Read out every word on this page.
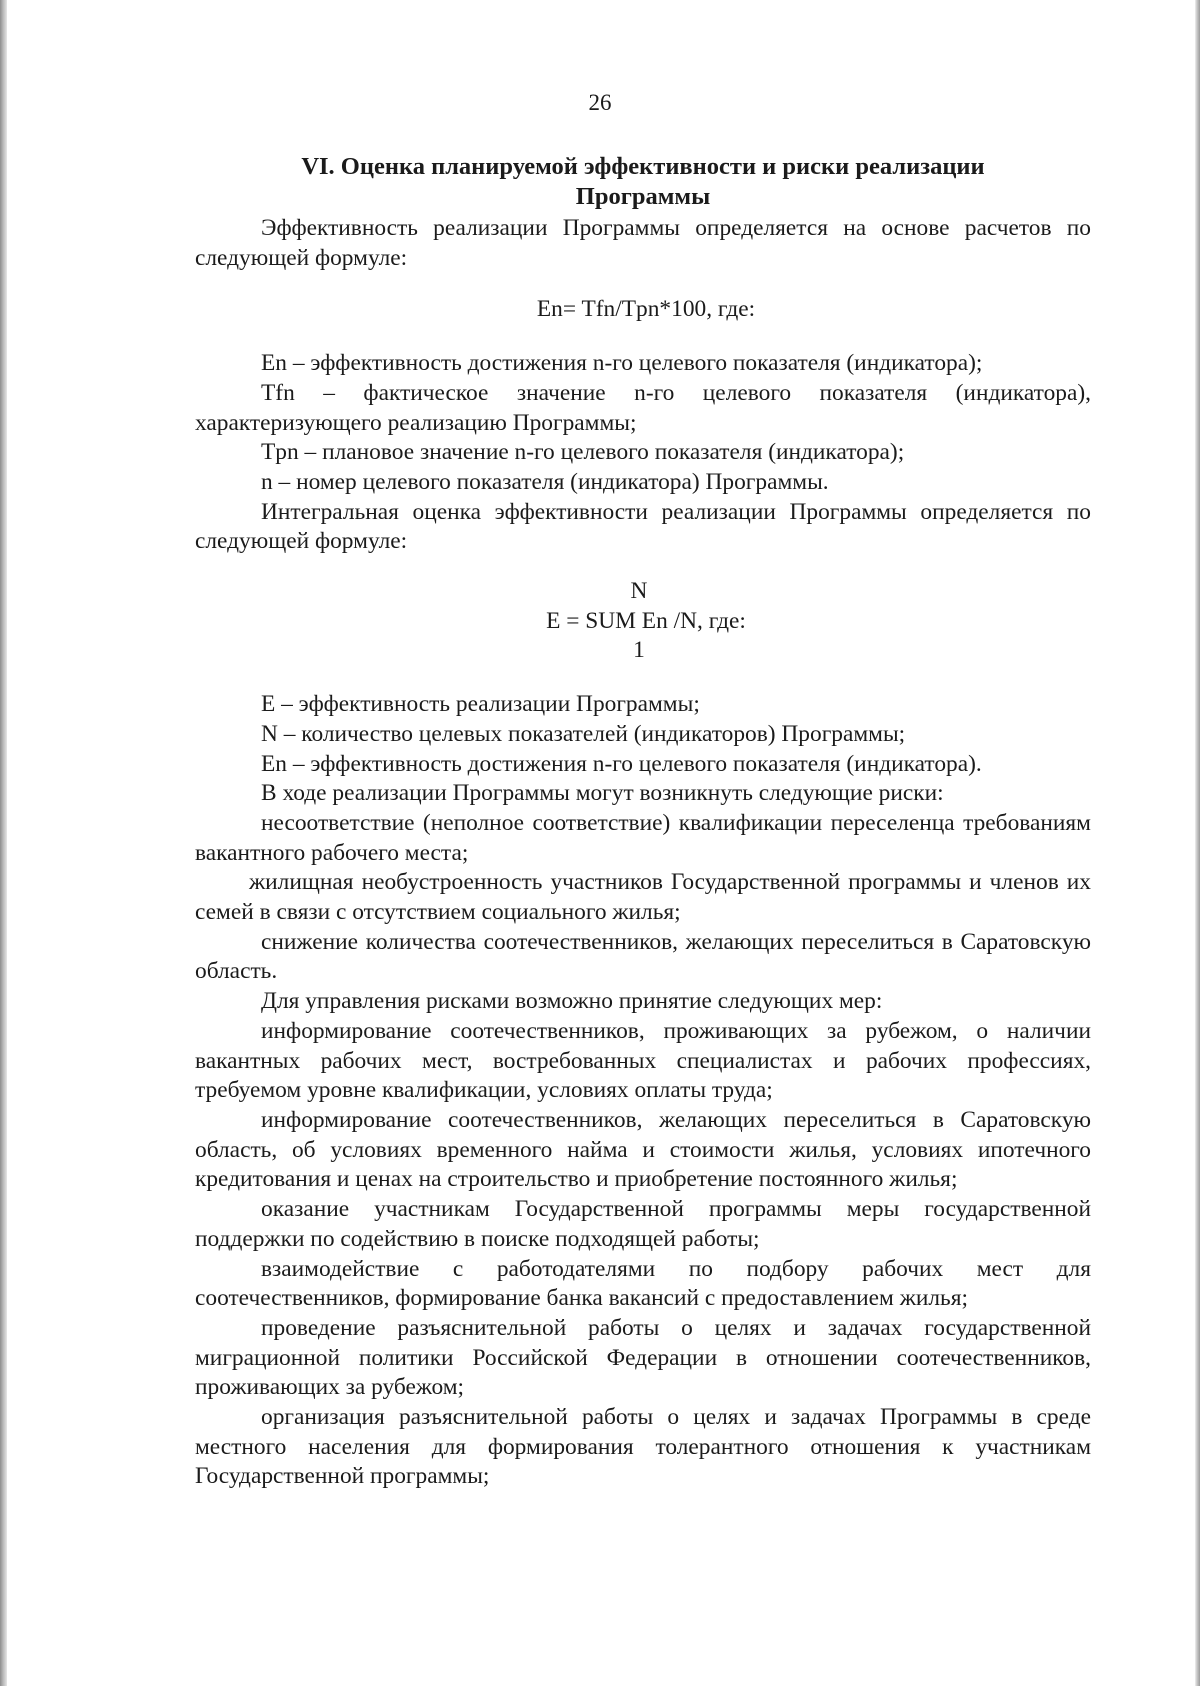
26
VI. Оценка планируемой эффективности и риски реализации
Программы

Эффективность реализации Программы определяется на основе расчетов по следующей формуле:

En= Tfn/Tpn*100, где:

En – эффективность достижения n-го целевого показателя (индикатора);

Tfn – фактическое значение n-го целевого показателя (индикатора), характеризующего реализацию Программы;

Tpn – плановое значение n-го целевого показателя (индикатора);

n – номер целевого показателя (индикатора) Программы.

Интегральная оценка эффективности реализации Программы определяется по следующей формуле:

N
E = SUM En /N, где:
1

E – эффективность реализации Программы;

N – количество целевых показателей (индикаторов) Программы;

En – эффективность достижения n-го целевого показателя (индикатора).

В ходе реализации Программы могут возникнуть следующие риски:

несоответствие (неполное соответствие) квалификации переселенца требованиям вакантного рабочего места;

жилищная необустроенность участников Государственной программы и членов их семей в связи с отсутствием социального жилья;

снижение количества соотечественников, желающих переселиться в Саратовскую область.

Для управления рисками возможно принятие следующих мер:

информирование соотечественников, проживающих за рубежом, о наличии вакантных рабочих мест, востребованных специалистах и рабочих профессиях, требуемом уровне квалификации, условиях оплаты труда;

информирование соотечественников, желающих переселиться в Саратовскую область, об условиях временного найма и стоимости жилья, условиях ипотечного кредитования и ценах на строительство и приобретение постоянного жилья;

оказание участникам Государственной программы меры государственной поддержки по содействию в поиске подходящей работы;

взаимодействие с работодателями по подбору рабочих мест для соотечественников, формирование банка вакансий с предоставлением жилья;

проведение разъяснительной работы о целях и задачах государственной миграционной политики Российской Федерации в отношении соотечественников, проживающих за рубежом;

организация разъяснительной работы о целях и задачах Программы в среде местного населения для формирования толерантного отношения к участникам Государственной программы;
